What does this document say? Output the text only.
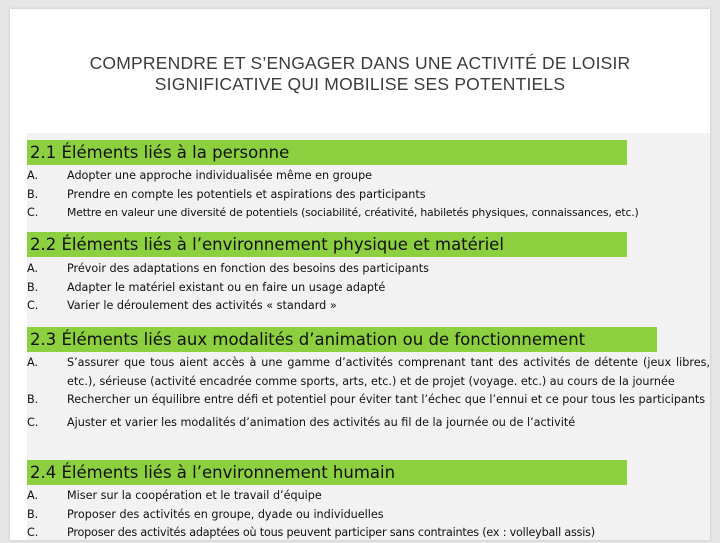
COMPRENDRE ET S’ENGAGER DANS UNE ACTIVITÉ DE LOISIR
SIGNIFICATIVE QUI MOBILISE SES POTENTIELS
2.1 Éléments liés à la personne
A.	Adopter une approche individualisée même en groupe
B.	Prendre en compte les potentiels et aspirations des participants
C.	Mettre en valeur une diversité de potentiels (sociabilité, créativité, habiletés physiques, connaissances, etc.)
2.2 Éléments liés à l’environnement physique et matériel
A.	Prévoir des adaptations en fonction des besoins des participants
B.	Adapter le matériel existant ou en faire un usage adapté
C.	Varier le déroulement des activités « standard »
2.3 Éléments liés aux modalités d’animation ou de fonctionnement
A.	S’assurer que tous aient accès à une gamme d’activités comprenant tant des activités de détente (jeux libres, etc.), sérieuse (activité encadrée comme sports, arts, etc.) et de projet (voyage. etc.) au cours de la journée
B.	Rechercher un équilibre entre défi et potentiel pour éviter tant l’échec que l’ennui et ce pour tous les participants
C.	Ajuster et varier les modalités d’animation des activités au fil de la journée ou de l’activité
2.4 Éléments liés à l’environnement humain
A.	Miser sur la coopération et le travail d’équipe
B.	Proposer des activités en groupe, dyade ou individuelles
C.	Proposer des activités adaptées où tous peuvent participer sans contraintes (ex : volleyball assis)
